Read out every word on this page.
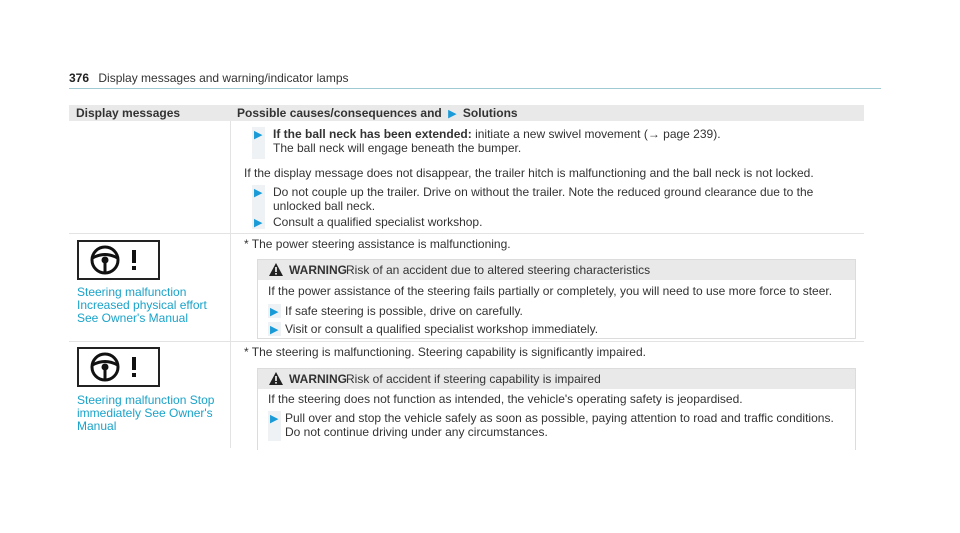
376 Display messages and warning/indicator lamps
Display messages	Possible causes/consequences and ▶ Solutions
▶ If the ball neck has been extended: initiate a new swivel movement (→ page 239).
The ball neck will engage beneath the bumper.
If the display message does not disappear, the trailer hitch is malfunctioning and the ball neck is not locked.
▶ Do not couple up the trailer. Drive on without the trailer. Note the reduced ground clearance due to the
unlocked ball neck.
▶ Consult a qualified specialist workshop.
Steering malfunction
Increased physical effort
See Owner's Manual
* The power steering assistance is malfunctioning.
WARNING Risk of an accident due to altered steering characteristics
If the power assistance of the steering fails partially or completely, you will need to use more force to steer.
▶ If safe steering is possible, drive on carefully.
▶ Visit or consult a qualified specialist workshop immediately.
Steering malfunction Stop
immediately See Owner's
Manual
* The steering is malfunctioning. Steering capability is significantly impaired.
WARNING Risk of accident if steering capability is impaired
If the steering does not function as intended, the vehicle's operating safety is jeopardised.
▶ Pull over and stop the vehicle safely as soon as possible, paying attention to road and traffic conditions.
Do not continue driving under any circumstances.
